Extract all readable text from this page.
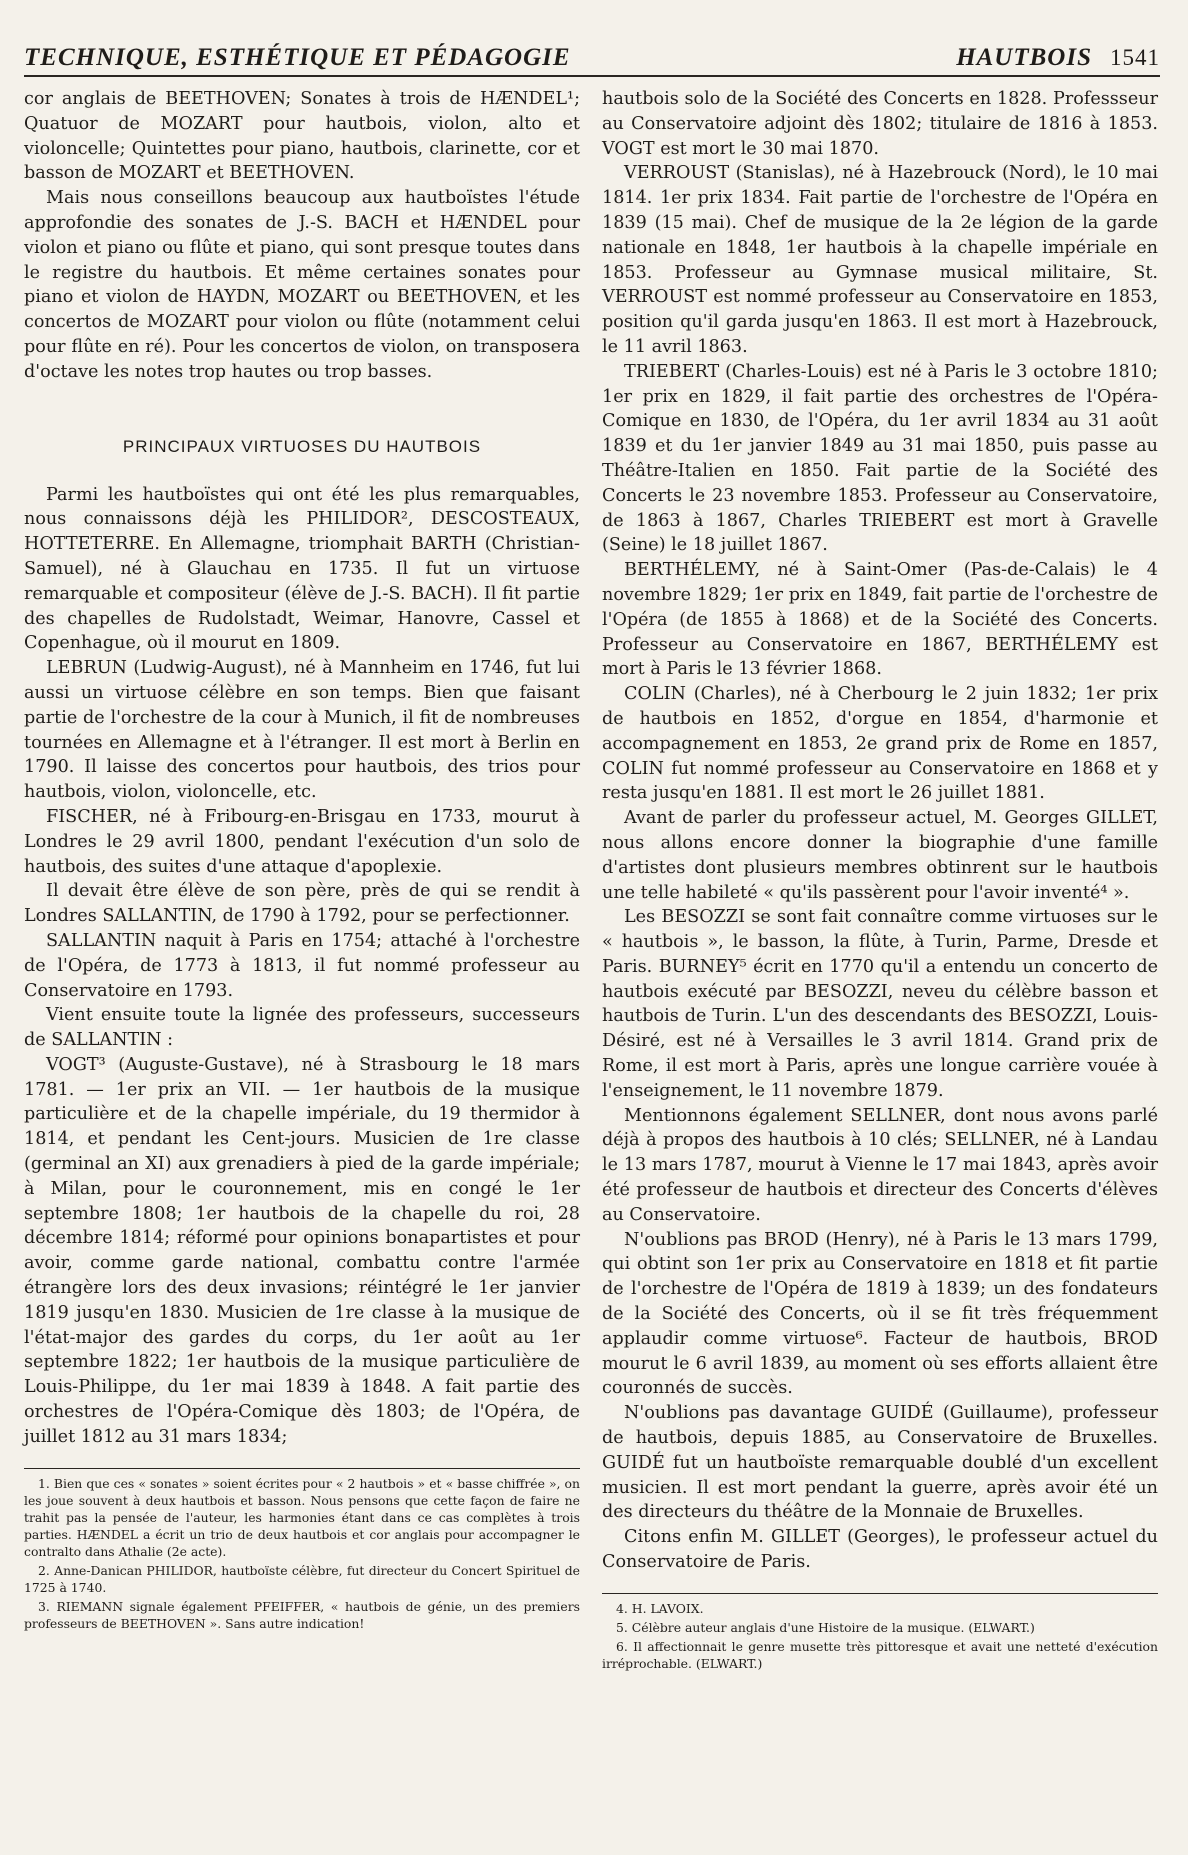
TECHNIQUE, ESTHÉTIQUE ET PÉDAGOGIE	HAUTBOIS 1541

cor anglais de BEETHOVEN; Sonates à trois de HÆNDEL¹; Quatuor de MOZART pour hautbois, violon, alto et violoncelle; Quintettes pour piano, hautbois, clarinette, cor et basson de MOZART et BEETHOVEN.

Mais nous conseillons beaucoup aux hautboïstes l'étude approfondie des sonates de J.-S. BACH et HÆNDEL pour violon et piano ou flûte et piano, qui sont presque toutes dans le registre du hautbois. Et même certaines sonates pour piano et violon de HAYDN, MOZART ou BEETHOVEN, et les concertos de MOZART pour violon ou flûte (notamment celui pour flûte en ré). Pour les concertos de violon, on transposera d'octave les notes trop hautes ou trop basses.

PRINCIPAUX VIRTUOSES DU HAUTBOIS

Parmi les hautboïstes qui ont été les plus remarquables, nous connaissons déjà les PHILIDOR², DESCOSTEAUX, HOTTETERRE. En Allemagne, triomphait BARTH (Christian-Samuel), né à Glauchau en 1735. Il fut un virtuose remarquable et compositeur (élève de J.-S. BACH). Il fit partie des chapelles de Rudolstadt, Weimar, Hanovre, Cassel et Copenhague, où il mourut en 1809.

LEBRUN (Ludwig-August), né à Mannheim en 1746, fut lui aussi un virtuose célèbre en son temps. Bien que faisant partie de l'orchestre de la cour à Munich, il fit de nombreuses tournées en Allemagne et à l'étranger. Il est mort à Berlin en 1790. Il laisse des concertos pour hautbois, des trios pour hautbois, violon, violoncelle, etc.

FISCHER, né à Fribourg-en-Brisgau en 1733, mourut à Londres le 29 avril 1800, pendant l'exécution d'un solo de hautbois, des suites d'une attaque d'apoplexie.

Il devait être élève de son père, près de qui se rendit à Londres SALLANTIN, de 1790 à 1792, pour se perfectionner.

SALLANTIN naquit à Paris en 1754; attaché à l'orchestre de l'Opéra, de 1773 à 1813, il fut nommé professeur au Conservatoire en 1793.

Vient ensuite toute la lignée des professeurs, successeurs de SALLANTIN :

VOGT³ (Auguste-Gustave), né à Strasbourg le 18 mars 1781. — 1er prix an VII. — 1er hautbois de la musique particulière et de la chapelle impériale, du 19 thermidor à 1814, et pendant les Cent-jours. Musicien de 1re classe (germinal an XI) aux grenadiers à pied de la garde impériale; à Milan, pour le couronnement, mis en congé le 1er septembre 1808; 1er hautbois de la chapelle du roi, 28 décembre 1814; réformé pour opinions bonapartistes et pour avoir, comme garde national, combattu contre l'armée étrangère lors des deux invasions; réintégré le 1er janvier 1819 jusqu'en 1830. Musicien de 1re classe à la musique de l'état-major des gardes du corps, du 1er août au 1er septembre 1822; 1er hautbois de la musique particulière de Louis-Philippe, du 1er mai 1839 à 1848. A fait partie des orchestres de l'Opéra-Comique dès 1803; de l'Opéra, de juillet 1812 au 31 mars 1834;

1. Bien que ces « sonates » soient écrites pour « 2 hautbois » et « basse chiffrée », on les joue souvent à deux hautbois et basson. Nous pensons que cette façon de faire ne trahit pas la pensée de l'auteur, les harmonies étant dans ce cas complètes à trois parties. HÆNDEL a écrit un trio de deux hautbois et cor anglais pour accompagner le contralto dans Athalie (2e acte).

2. Anne-Danican PHILIDOR, hautboïste célèbre, fut directeur du Concert Spirituel de 1725 à 1740.

3. RIEMANN signale également PFEIFFER, « hautbois de génie, un des premiers professeurs de BEETHOVEN ». Sans autre indication!

hautbois solo de la Société des Concerts en 1828. Professseur au Conservatoire adjoint dès 1802; titulaire de 1816 à 1853. VOGT est mort le 30 mai 1870.

VERROUST (Stanislas), né à Hazebrouck (Nord), le 10 mai 1814. 1er prix 1834. Fait partie de l'orchestre de l'Opéra en 1839 (15 mai). Chef de musique de la 2e légion de la garde nationale en 1848, 1er hautbois à la chapelle impériale en 1853. Professeur au Gymnase musical militaire, St. VERROUST est nommé professeur au Conservatoire en 1853, position qu'il garda jusqu'en 1863. Il est mort à Hazebrouck, le 11 avril 1863.

TRIEBERT (Charles-Louis) est né à Paris le 3 octobre 1810; 1er prix en 1829, il fait partie des orchestres de l'Opéra-Comique en 1830, de l'Opéra, du 1er avril 1834 au 31 août 1839 et du 1er janvier 1849 au 31 mai 1850, puis passe au Théâtre-Italien en 1850. Fait partie de la Société des Concerts le 23 novembre 1853. Professeur au Conservatoire, de 1863 à 1867, Charles TRIEBERT est mort à Gravelle (Seine) le 18 juillet 1867.

BERTHÉLEMY, né à Saint-Omer (Pas-de-Calais) le 4 novembre 1829; 1er prix en 1849, fait partie de l'orchestre de l'Opéra (de 1855 à 1868) et de la Société des Concerts. Professeur au Conservatoire en 1867, BERTHÉLEMY est mort à Paris le 13 février 1868.

COLIN (Charles), né à Cherbourg le 2 juin 1832; 1er prix de hautbois en 1852, d'orgue en 1854, d'harmonie et accompagnement en 1853, 2e grand prix de Rome en 1857, COLIN fut nommé professeur au Conservatoire en 1868 et y resta jusqu'en 1881. Il est mort le 26 juillet 1881.

Avant de parler du professeur actuel, M. Georges GILLET, nous allons encore donner la biographie d'une famille d'artistes dont plusieurs membres obtinrent sur le hautbois une telle habileté « qu'ils passèrent pour l'avoir inventé⁴ ».

Les BESOZZI se sont fait connaître comme virtuoses sur le « hautbois », le basson, la flûte, à Turin, Parme, Dresde et Paris. BURNEY⁵ écrit en 1770 qu'il a entendu un concerto de hautbois exécuté par BESOZZI, neveu du célèbre basson et hautbois de Turin. L'un des descendants des BESOZZI, Louis-Désiré, est né à Versailles le 3 avril 1814. Grand prix de Rome, il est mort à Paris, après une longue carrière vouée à l'enseignement, le 11 novembre 1879.

Mentionnons également SELLNER, dont nous avons parlé déjà à propos des hautbois à 10 clés; SELLNER, né à Landau le 13 mars 1787, mourut à Vienne le 17 mai 1843, après avoir été professeur de hautbois et directeur des Concerts d'élèves au Conservatoire.

N'oublions pas BROD (Henry), né à Paris le 13 mars 1799, qui obtint son 1er prix au Conservatoire en 1818 et fit partie de l'orchestre de l'Opéra de 1819 à 1839; un des fondateurs de la Société des Concerts, où il se fit très fréquemment applaudir comme virtuose⁶. Facteur de hautbois, BROD mourut le 6 avril 1839, au moment où ses efforts allaient être couronnés de succès.

N'oublions pas davantage GUIDÉ (Guillaume), professeur de hautbois, depuis 1885, au Conservatoire de Bruxelles. GUIDÉ fut un hautboïste remarquable doublé d'un excellent musicien. Il est mort pendant la guerre, après avoir été un des directeurs du théâtre de la Monnaie de Bruxelles.

Citons enfin M. GILLET (Georges), le professeur actuel du Conservatoire de Paris.

4. H. LAVOIX.

5. Célèbre auteur anglais d'une Histoire de la musique. (ELWART.)

6. Il affectionnait le genre musette très pittoresque et avait une netteté d'exécution irréprochable. (ELWART.)
